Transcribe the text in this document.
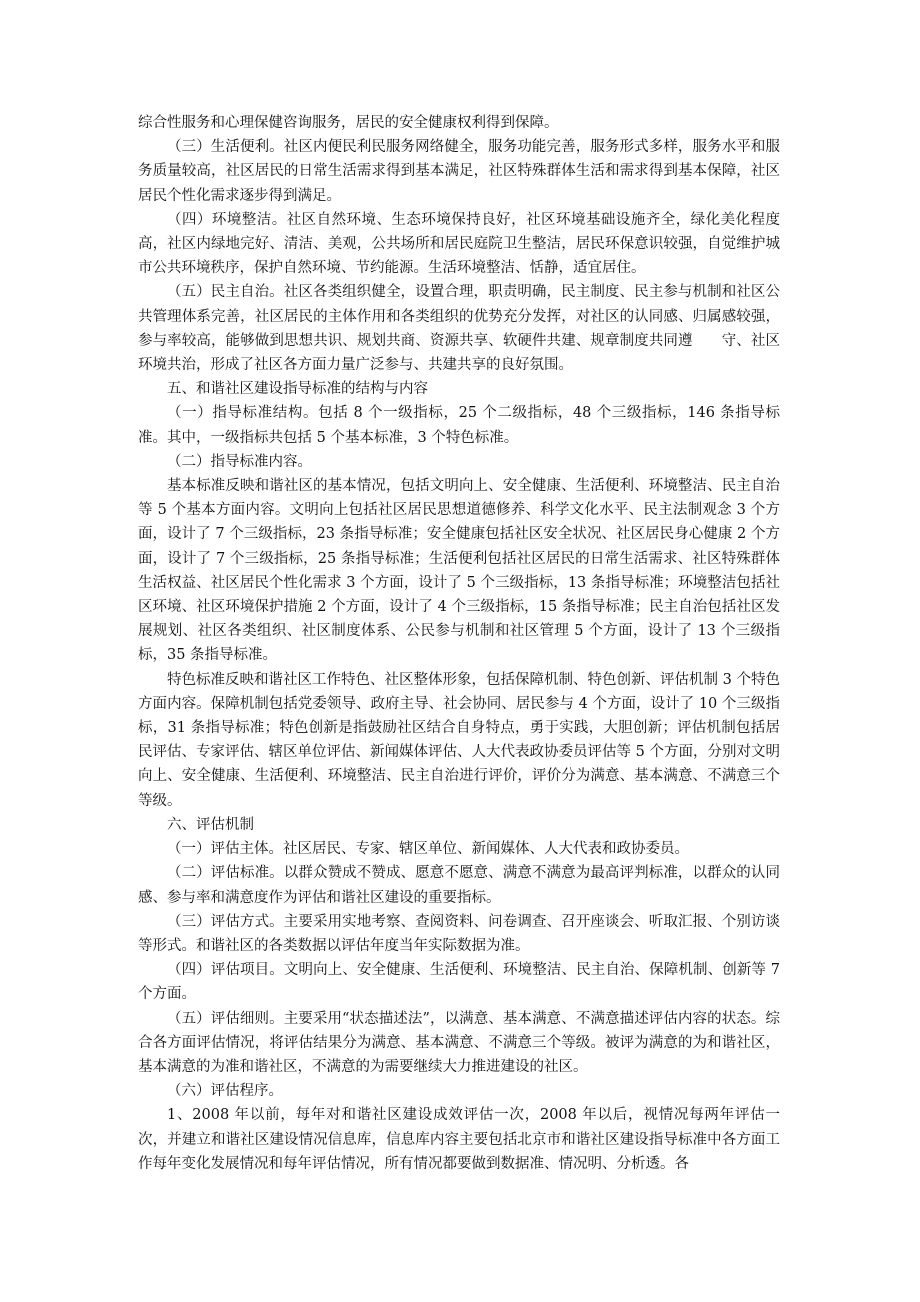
综合性服务和心理保健咨询服务，居民的安全健康权利得到保障。

（三）生活便利。社区内便民利民服务网络健全，服务功能完善，服务形式多样，服务水平和服务质量较高，社区居民的日常生活需求得到基本满足，社区特殊群体生活和需求得到基本保障，社区居民个性化需求逐步得到满足。

（四）环境整洁。社区自然环境、生态环境保持良好，社区环境基础设施齐全，绿化美化程度高，社区内绿地完好、清洁、美观，公共场所和居民庭院卫生整洁，居民环保意识较强，自觉维护城市公共环境秩序，保护自然环境、节约能源。生活环境整洁、恬静，适宜居住。

（五）民主自治。社区各类组织健全，设置合理，职责明确，民主制度、民主参与机制和社区公共管理体系完善，社区居民的主体作用和各类组织的优势充分发挥，对社区的认同感、归属感较强，参与率较高，能够做到思想共识、规划共商、资源共享、软硬件共建、规章制度共同遵　　守、社区环境共治，形成了社区各方面力量广泛参与、共建共享的良好氛围。

五、和谐社区建设指导标准的结构与内容

（一）指导标准结构。包括 8 个一级指标，25 个二级指标，48 个三级指标，146 条指导标准。其中，一级指标共包括 5 个基本标准，3 个特色标准。

（二）指导标准内容。

基本标准反映和谐社区的基本情况，包括文明向上、安全健康、生活便利、环境整洁、民主自治等 5 个基本方面内容。文明向上包括社区居民思想道德修养、科学文化水平、民主法制观念 3 个方面，设计了 7 个三级指标，23 条指导标准；安全健康包括社区安全状况、社区居民身心健康 2 个方面，设计了 7 个三级指标，25 条指导标准；生活便利包括社区居民的日常生活需求、社区特殊群体生活权益、社区居民个性化需求 3 个方面，设计了 5 个三级指标，13 条指导标准；环境整洁包括社区环境、社区环境保护措施 2 个方面，设计了 4 个三级指标，15 条指导标准；民主自治包括社区发展规划、社区各类组织、社区制度体系、公民参与机制和社区管理 5 个方面，设计了 13 个三级指标，35 条指导标准。

特色标准反映和谐社区工作特色、社区整体形象，包括保障机制、特色创新、评估机制 3 个特色方面内容。保障机制包括党委领导、政府主导、社会协同、居民参与 4 个方面，设计了 10 个三级指标，31 条指导标准；特色创新是指鼓励社区结合自身特点，勇于实践，大胆创新；评估机制包括居民评估、专家评估、辖区单位评估、新闻媒体评估、人大代表政协委员评估等 5 个方面，分别对文明向上、安全健康、生活便利、环境整洁、民主自治进行评价，评价分为满意、基本满意、不满意三个等级。

六、评估机制

（一）评估主体。社区居民、专家、辖区单位、新闻媒体、人大代表和政协委员。

（二）评估标准。以群众赞成不赞成、愿意不愿意、满意不满意为最高评判标准，以群众的认同感、参与率和满意度作为评估和谐社区建设的重要指标。

（三）评估方式。主要采用实地考察、查阅资料、问卷调查、召开座谈会、听取汇报、个别访谈等形式。和谐社区的各类数据以评估年度当年实际数据为准。

（四）评估项目。文明向上、安全健康、生活便利、环境整洁、民主自治、保障机制、创新等 7 个方面。

（五）评估细则。主要采用“状态描述法”，以满意、基本满意、不满意描述评估内容的状态。综合各方面评估情况，将评估结果分为满意、基本满意、不满意三个等级。被评为满意的为和谐社区，基本满意的为准和谐社区，不满意的为需要继续大力推进建设的社区。

（六）评估程序。

1、2008 年以前，每年对和谐社区建设成效评估一次，2008 年以后，视情况每两年评估一次，并建立和谐社区建设情况信息库，信息库内容主要包括北京市和谐社区建设指导标准中各方面工作每年变化发展情况和每年评估情况，所有情况都要做到数据准、情况明、分析透。各
